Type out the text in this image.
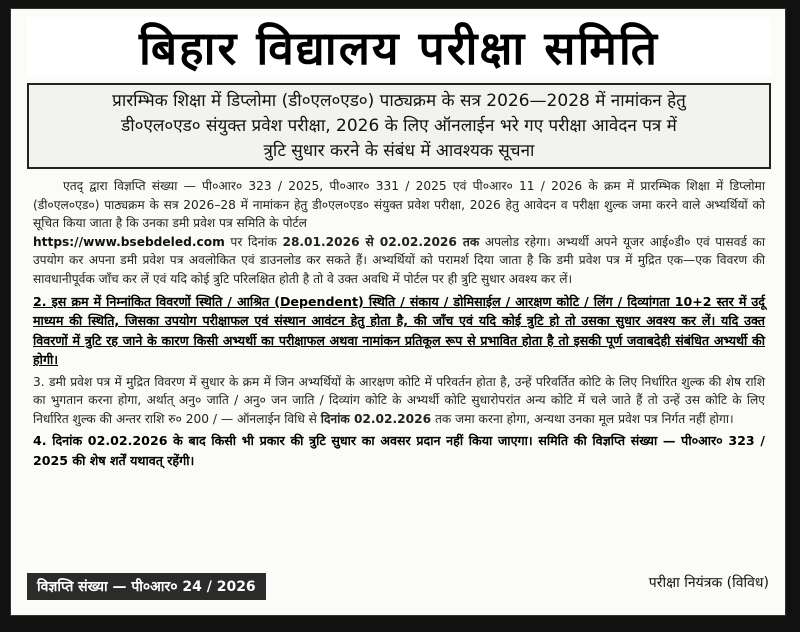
बिहार विद्यालय परीक्षा समिति
प्रारम्भिक शिक्षा में डिप्लोमा (डी०एल०एड०) पाठ्यक्रम के सत्र 2026—2028 में नामांकन हेतु
डी०एल०एड० संयुक्त प्रवेश परीक्षा, 2026 के लिए ऑनलाईन भरे गए परीक्षा आवेदन पत्र में
त्रुटि सुधार करने के संबंध में आवश्यक सूचना

एतद् द्वारा विज्ञप्ति संख्या — पी०आर० 323 / 2025, पी०आर० 331 / 2025 एवं पी०आर० 11 / 2026 के क्रम में प्रारम्भिक शिक्षा में डिप्लोमा (डी०एल०एड०) पाठ्यक्रम के सत्र 2026–28 में नामांकन हेतु डी०एल०एड० संयुक्त प्रवेश परीक्षा, 2026 हेतु आवेदन व परीक्षा शुल्क जमा करने वाले अभ्यर्थियों को सूचित किया जाता है कि उनका डमी प्रवेश पत्र समिति के पोर्टल
https://www.bsebdeled.com पर दिनांक 28.01.2026 से 02.02.2026 तक अपलोड रहेगा। अभ्यर्थी अपने यूजर आई०डी० एवं पासवर्ड का उपयोग कर अपना डमी प्रवेश पत्र अवलोकित एवं डाउनलोड कर सकते हैं। अभ्यर्थियों को परामर्श दिया जाता है कि डमी प्रवेश पत्र में मुद्रित एक—एक विवरण की सावधानीपूर्वक जाँच कर लें एवं यदि कोई त्रुटि परिलक्षित होती है तो वे उक्त अवधि में पोर्टल पर ही त्रुटि सुधार अवश्य कर लें।

2. इस क्रम में निम्नांकित विवरणों स्थिति / आश्रित (Dependent) स्थिति / संकाय / डोमिसाईल / आरक्षण कोटि / लिंग / दिव्यांगता 10+2 स्तर में उर्दू माध्यम की स्थिति, जिसका उपयोग परीक्षाफल एवं संस्थान आवंटन हेतु होता है, की जाँच एवं यदि कोई त्रुटि हो तो उसका सुधार अवश्य कर लें। यदि उक्त विवरणों में त्रुटि रह जाने के कारण किसी अभ्यर्थी का परीक्षाफल अथवा नामांकन प्रतिकूल रूप से प्रभावित होता है तो इसकी पूर्ण जवाबदेही संबंधित अभ्यर्थी की होगी।

3. डमी प्रवेश पत्र में मुद्रित विवरण में सुधार के क्रम में जिन अभ्यर्थियों के आरक्षण कोटि में परिवर्तन होता है, उन्हें परिवर्तित कोटि के लिए निर्धारित शुल्क की शेष राशि का भुगतान करना होगा, अर्थात् अनु० जाति / अनु० जन जाति / दिव्यांग कोटि के अभ्यर्थी कोटि सुधारोपरांत अन्य कोटि में चले जाते हैं तो उन्हें उस कोटि के लिए निर्धारित शुल्क की अन्तर राशि रु० 200 / — ऑनलाईन विधि से दिनांक 02.02.2026 तक जमा करना होगा, अन्यथा उनका मूल प्रवेश पत्र निर्गत नहीं होगा।

4. दिनांक 02.02.2026 के बाद किसी भी प्रकार की त्रुटि सुधार का अवसर प्रदान नहीं किया जाएगा। समिति की विज्ञप्ति संख्या — पी०आर० 323 / 2025 की शेष शर्तें यथावत् रहेंगी।

विज्ञप्ति संख्या — पी०आर० 24 / 2026	परीक्षा नियंत्रक (विविध)
